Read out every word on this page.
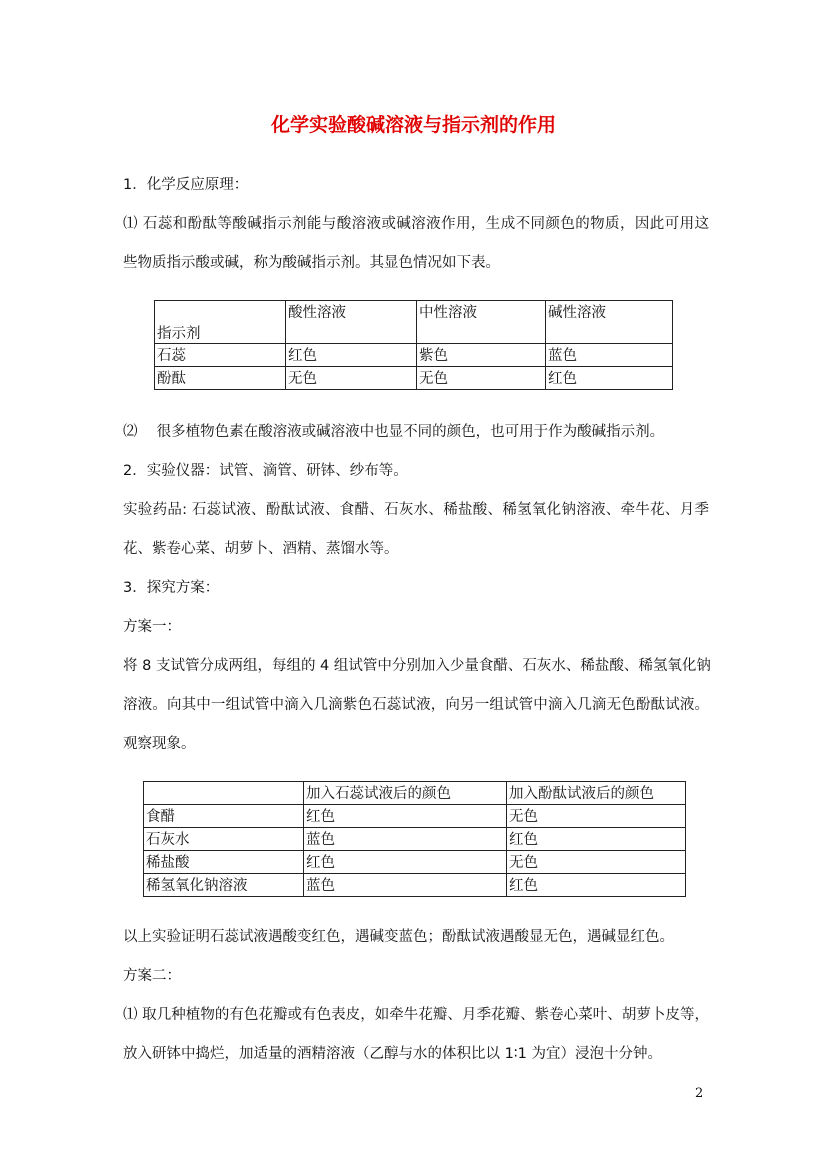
化学实验酸碱溶液与指示剂的作用
1．化学反应原理：
⑴ 石蕊和酚酞等酸碱指示剂能与酸溶液或碱溶液作用，生成不同颜色的物质，因此可用这
些物质指示酸或碱，称为酸碱指示剂。其显色情况如下表。
指示剂	酸性溶液	中性溶液	碱性溶液
石蕊	红色	紫色	蓝色
酚酞	无色	无色	红色
⑵　 很多植物色素在酸溶液或碱溶液中也显不同的颜色，也可用于作为酸碱指示剂。
2．实验仪器：试管、滴管、研钵、纱布等。
实验药品: 石蕊试液、酚酞试液、食醋、石灰水、稀盐酸、稀氢氧化钠溶液、牵牛花、月季
花、紫卷心菜、胡萝卜、酒精、蒸馏水等。
3．探究方案：
方案一：
将 8 支试管分成两组，每组的 4 组试管中分别加入少量食醋、石灰水、稀盐酸、稀氢氧化钠
溶液。向其中一组试管中滴入几滴紫色石蕊试液，向另一组试管中滴入几滴无色酚酞试液。
观察现象。
	加入石蕊试液后的颜色	加入酚酞试液后的颜色
食醋	红色	无色
石灰水	蓝色	红色
稀盐酸	红色	无色
稀氢氧化钠溶液	蓝色	红色
以上实验证明石蕊试液遇酸变红色，遇碱变蓝色；酚酞试液遇酸显无色，遇碱显红色。
方案二：
⑴ 取几种植物的有色花瓣或有色表皮，如牵牛花瓣、月季花瓣、紫卷心菜叶、胡萝卜皮等，
放入研钵中捣烂，加适量的酒精溶液（乙醇与水的体积比以 1∶1 为宜）浸泡十分钟。
2
